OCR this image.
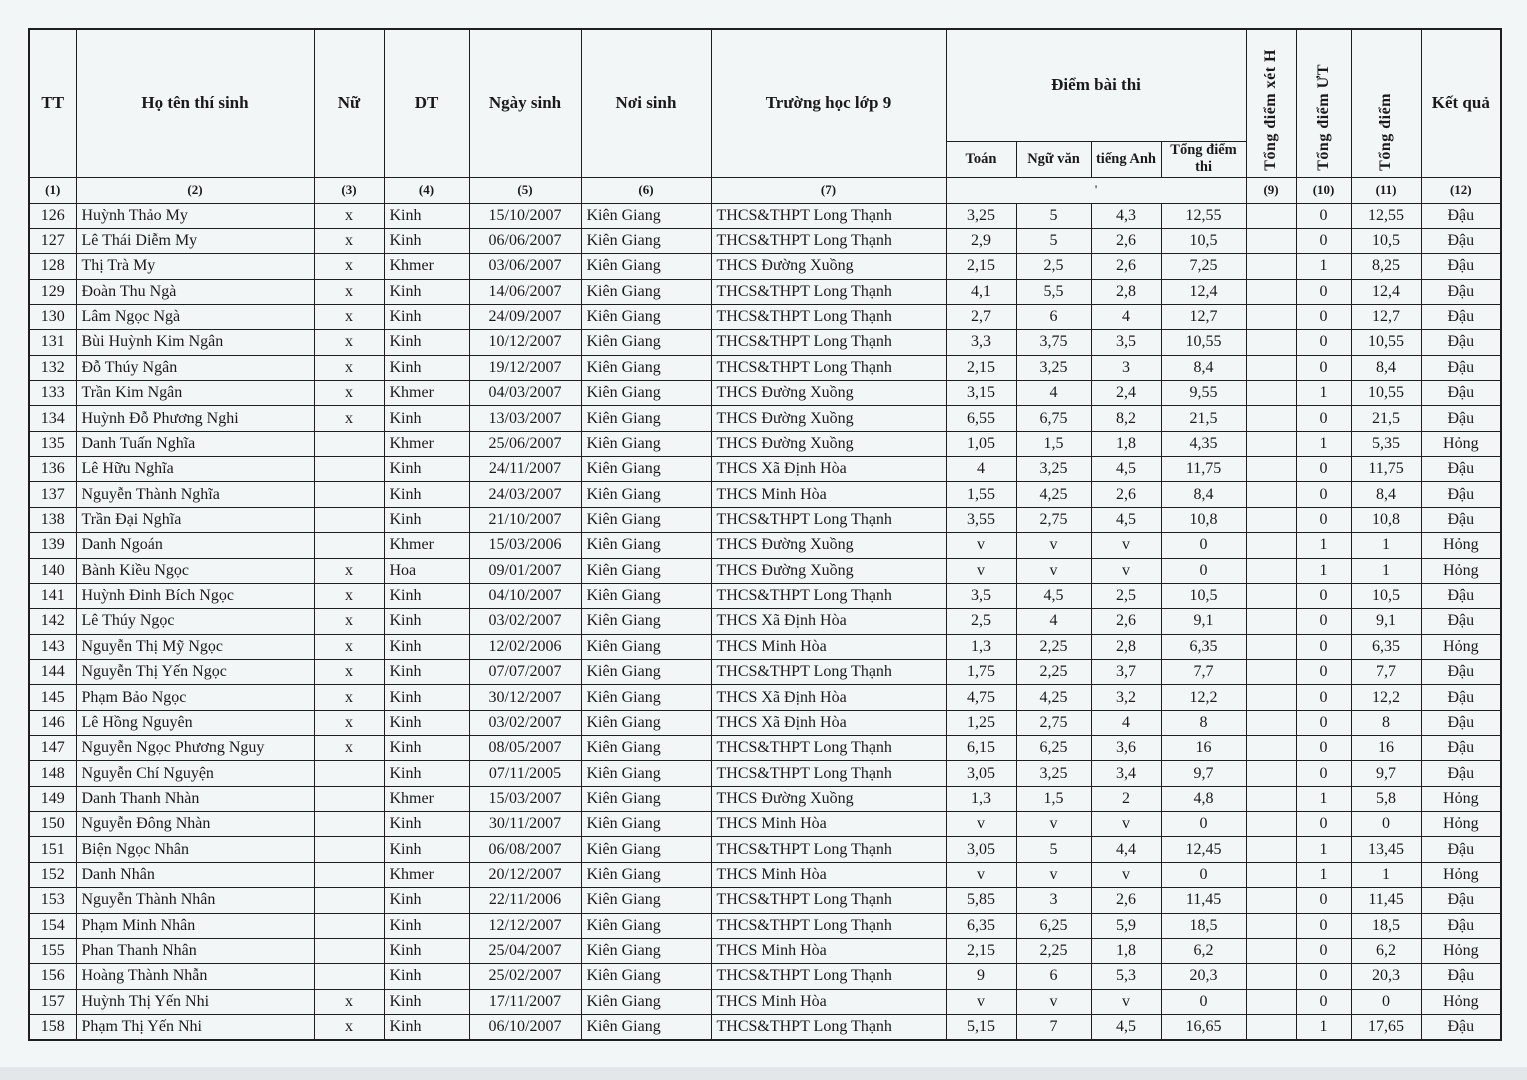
TT	Họ tên thí sinh	Nữ	DT	Ngày sinh	Nơi sinh	Trường học lớp 9	Điểm bài thi				Tổng điểm xét H	Tổng điểm ƯT	Tổng điểm	Kết quả
							Toán	Ngữ văn	tiếng Anh	Tổng điểm thi				
(1)	(2)	(3)	(4)	(5)	(6)	(7)	'				(9)	(10)	(11)	(12)
126	Huỳnh Thảo My	x	Kinh	15/10/2007	Kiên Giang	THCS&THPT Long Thạnh	3,25	5	4,3	12,55		0	12,55	Đậu
127	Lê Thái Diễm My	x	Kinh	06/06/2007	Kiên Giang	THCS&THPT Long Thạnh	2,9	5	2,6	10,5		0	10,5	Đậu
128	Thị Trà My	x	Khmer	03/06/2007	Kiên Giang	THCS Đường Xuồng	2,15	2,5	2,6	7,25		1	8,25	Đậu
129	Đoàn Thu Ngà	x	Kinh	14/06/2007	Kiên Giang	THCS&THPT Long Thạnh	4,1	5,5	2,8	12,4		0	12,4	Đậu
130	Lâm Ngọc Ngà	x	Kinh	24/09/2007	Kiên Giang	THCS&THPT Long Thạnh	2,7	6	4	12,7		0	12,7	Đậu
131	Bùi Huỳnh Kim Ngân	x	Kinh	10/12/2007	Kiên Giang	THCS&THPT Long Thạnh	3,3	3,75	3,5	10,55		0	10,55	Đậu
132	Đỗ Thúy Ngân	x	Kinh	19/12/2007	Kiên Giang	THCS&THPT Long Thạnh	2,15	3,25	3	8,4		0	8,4	Đậu
133	Trần Kim Ngân	x	Khmer	04/03/2007	Kiên Giang	THCS Đường Xuồng	3,15	4	2,4	9,55		1	10,55	Đậu
134	Huỳnh Đỗ Phương Nghi	x	Kinh	13/03/2007	Kiên Giang	THCS Đường Xuồng	6,55	6,75	8,2	21,5		0	21,5	Đậu
135	Danh Tuấn Nghĩa		Khmer	25/06/2007	Kiên Giang	THCS Đường Xuồng	1,05	1,5	1,8	4,35		1	5,35	Hỏng
136	Lê Hữu Nghĩa		Kinh	24/11/2007	Kiên Giang	THCS Xã Định Hòa	4	3,25	4,5	11,75		0	11,75	Đậu
137	Nguyễn Thành Nghĩa		Kinh	24/03/2007	Kiên Giang	THCS Minh Hòa	1,55	4,25	2,6	8,4		0	8,4	Đậu
138	Trần Đại Nghĩa		Kinh	21/10/2007	Kiên Giang	THCS&THPT Long Thạnh	3,55	2,75	4,5	10,8		0	10,8	Đậu
139	Danh Ngoán		Khmer	15/03/2006	Kiên Giang	THCS Đường Xuồng	v	v	v	0		1	1	Hỏng
140	Bành Kiều Ngọc	x	Hoa	09/01/2007	Kiên Giang	THCS Đường Xuồng	v	v	v	0		1	1	Hỏng
141	Huỳnh Đinh Bích Ngọc	x	Kinh	04/10/2007	Kiên Giang	THCS&THPT Long Thạnh	3,5	4,5	2,5	10,5		0	10,5	Đậu
142	Lê Thúy Ngọc	x	Kinh	03/02/2007	Kiên Giang	THCS Xã Định Hòa	2,5	4	2,6	9,1		0	9,1	Đậu
143	Nguyễn Thị Mỹ Ngọc	x	Kinh	12/02/2006	Kiên Giang	THCS Minh Hòa	1,3	2,25	2,8	6,35		0	6,35	Hỏng
144	Nguyễn Thị Yến Ngọc	x	Kinh	07/07/2007	Kiên Giang	THCS&THPT Long Thạnh	1,75	2,25	3,7	7,7		0	7,7	Đậu
145	Phạm Bảo Ngọc	x	Kinh	30/12/2007	Kiên Giang	THCS Xã Định Hòa	4,75	4,25	3,2	12,2		0	12,2	Đậu
146	Lê Hồng Nguyên	x	Kinh	03/02/2007	Kiên Giang	THCS Xã Định Hòa	1,25	2,75	4	8		0	8	Đậu
147	Nguyễn Ngọc Phương Nguy	x	Kinh	08/05/2007	Kiên Giang	THCS&THPT Long Thạnh	6,15	6,25	3,6	16		0	16	Đậu
148	Nguyễn Chí Nguyện		Kinh	07/11/2005	Kiên Giang	THCS&THPT Long Thạnh	3,05	3,25	3,4	9,7		0	9,7	Đậu
149	Danh Thanh Nhàn		Khmer	15/03/2007	Kiên Giang	THCS Đường Xuồng	1,3	1,5	2	4,8		1	5,8	Hỏng
150	Nguyễn Đông Nhàn		Kinh	30/11/2007	Kiên Giang	THCS Minh Hòa	v	v	v	0		0	0	Hỏng
151	Biện Ngọc Nhân		Kinh	06/08/2007	Kiên Giang	THCS&THPT Long Thạnh	3,05	5	4,4	12,45		1	13,45	Đậu
152	Danh Nhân		Khmer	20/12/2007	Kiên Giang	THCS Minh Hòa	v	v	v	0		1	1	Hỏng
153	Nguyễn Thành Nhân		Kinh	22/11/2006	Kiên Giang	THCS&THPT Long Thạnh	5,85	3	2,6	11,45		0	11,45	Đậu
154	Phạm Minh Nhân		Kinh	12/12/2007	Kiên Giang	THCS&THPT Long Thạnh	6,35	6,25	5,9	18,5		0	18,5	Đậu
155	Phan Thanh Nhân		Kinh	25/04/2007	Kiên Giang	THCS Minh Hòa	2,15	2,25	1,8	6,2		0	6,2	Hỏng
156	Hoàng Thành Nhẫn		Kinh	25/02/2007	Kiên Giang	THCS&THPT Long Thạnh	9	6	5,3	20,3		0	20,3	Đậu
157	Huỳnh Thị Yến Nhi	x	Kinh	17/11/2007	Kiên Giang	THCS Minh Hòa	v	v	v	0		0	0	Hỏng
158	Phạm Thị Yến Nhi	x	Kinh	06/10/2007	Kiên Giang	THCS&THPT Long Thạnh	5,15	7	4,5	16,65		1	17,65	Đậu
